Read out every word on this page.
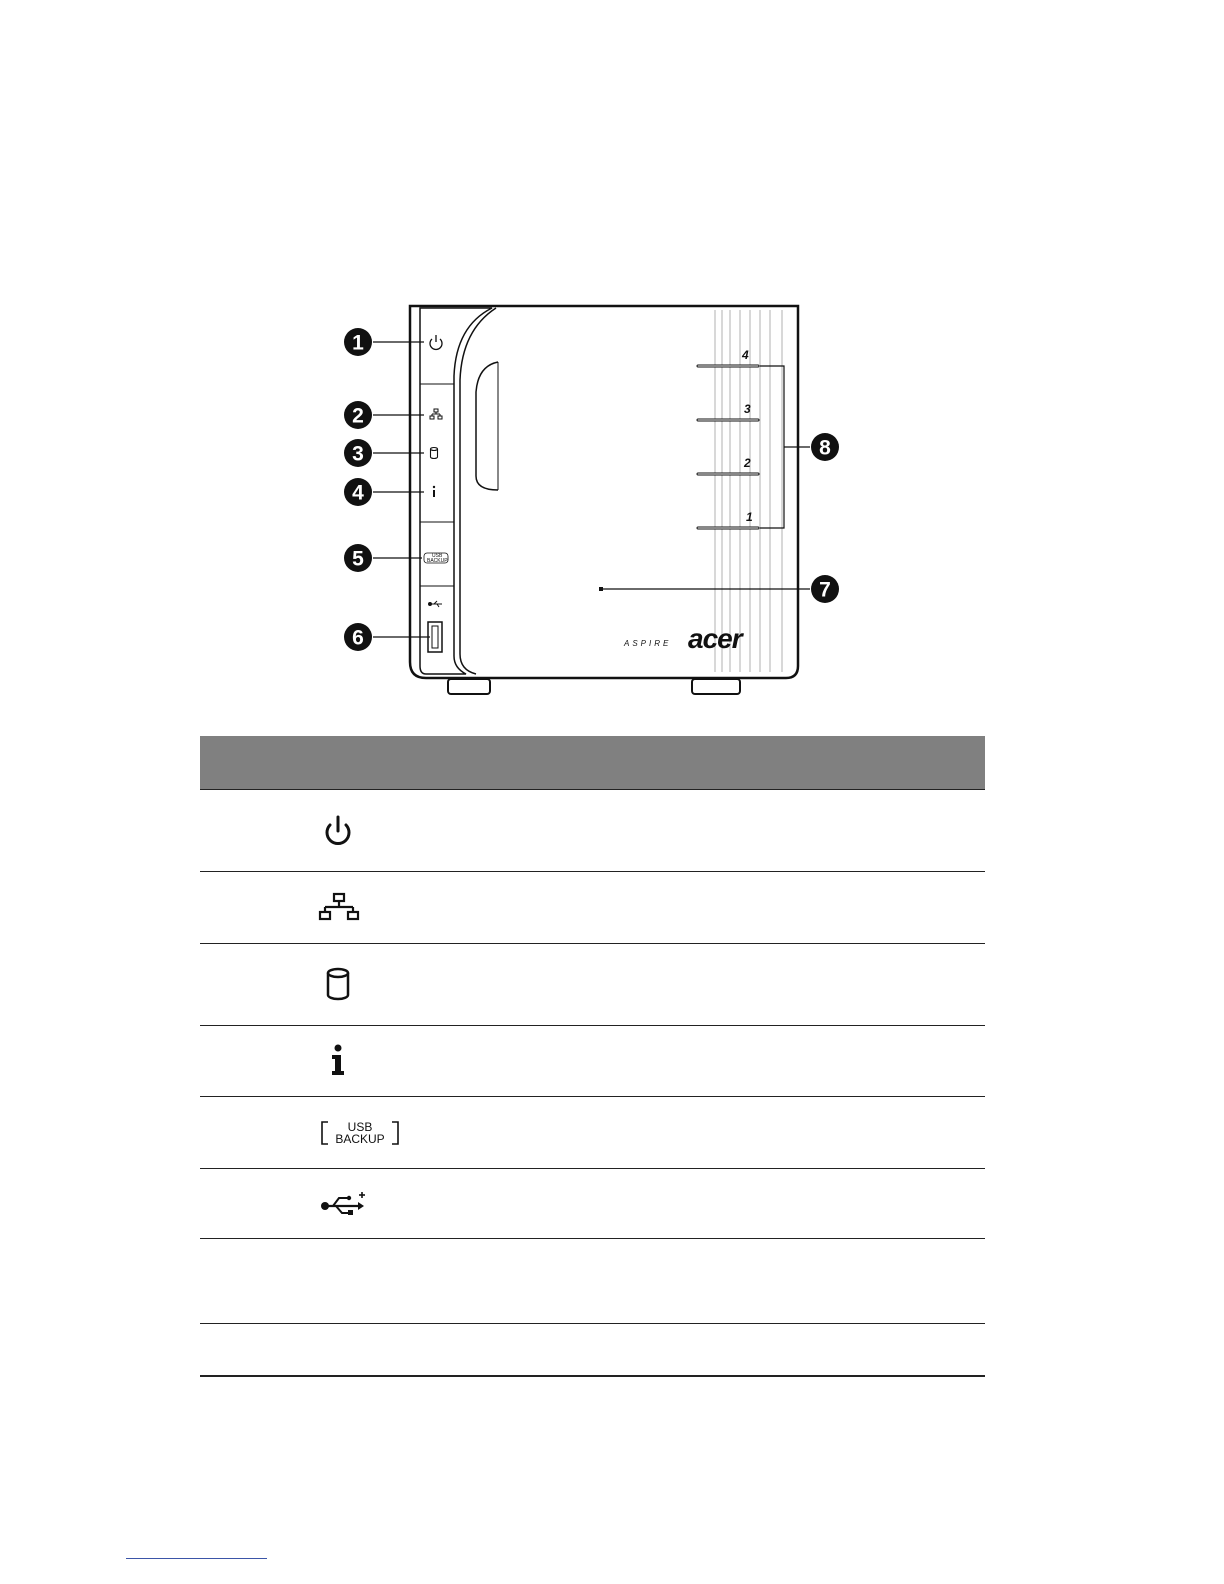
USB
BACKUP
4
3
2
1
ASPIRE acer
1
2
3
4
5
6
7
8

USB
BACKUP	
